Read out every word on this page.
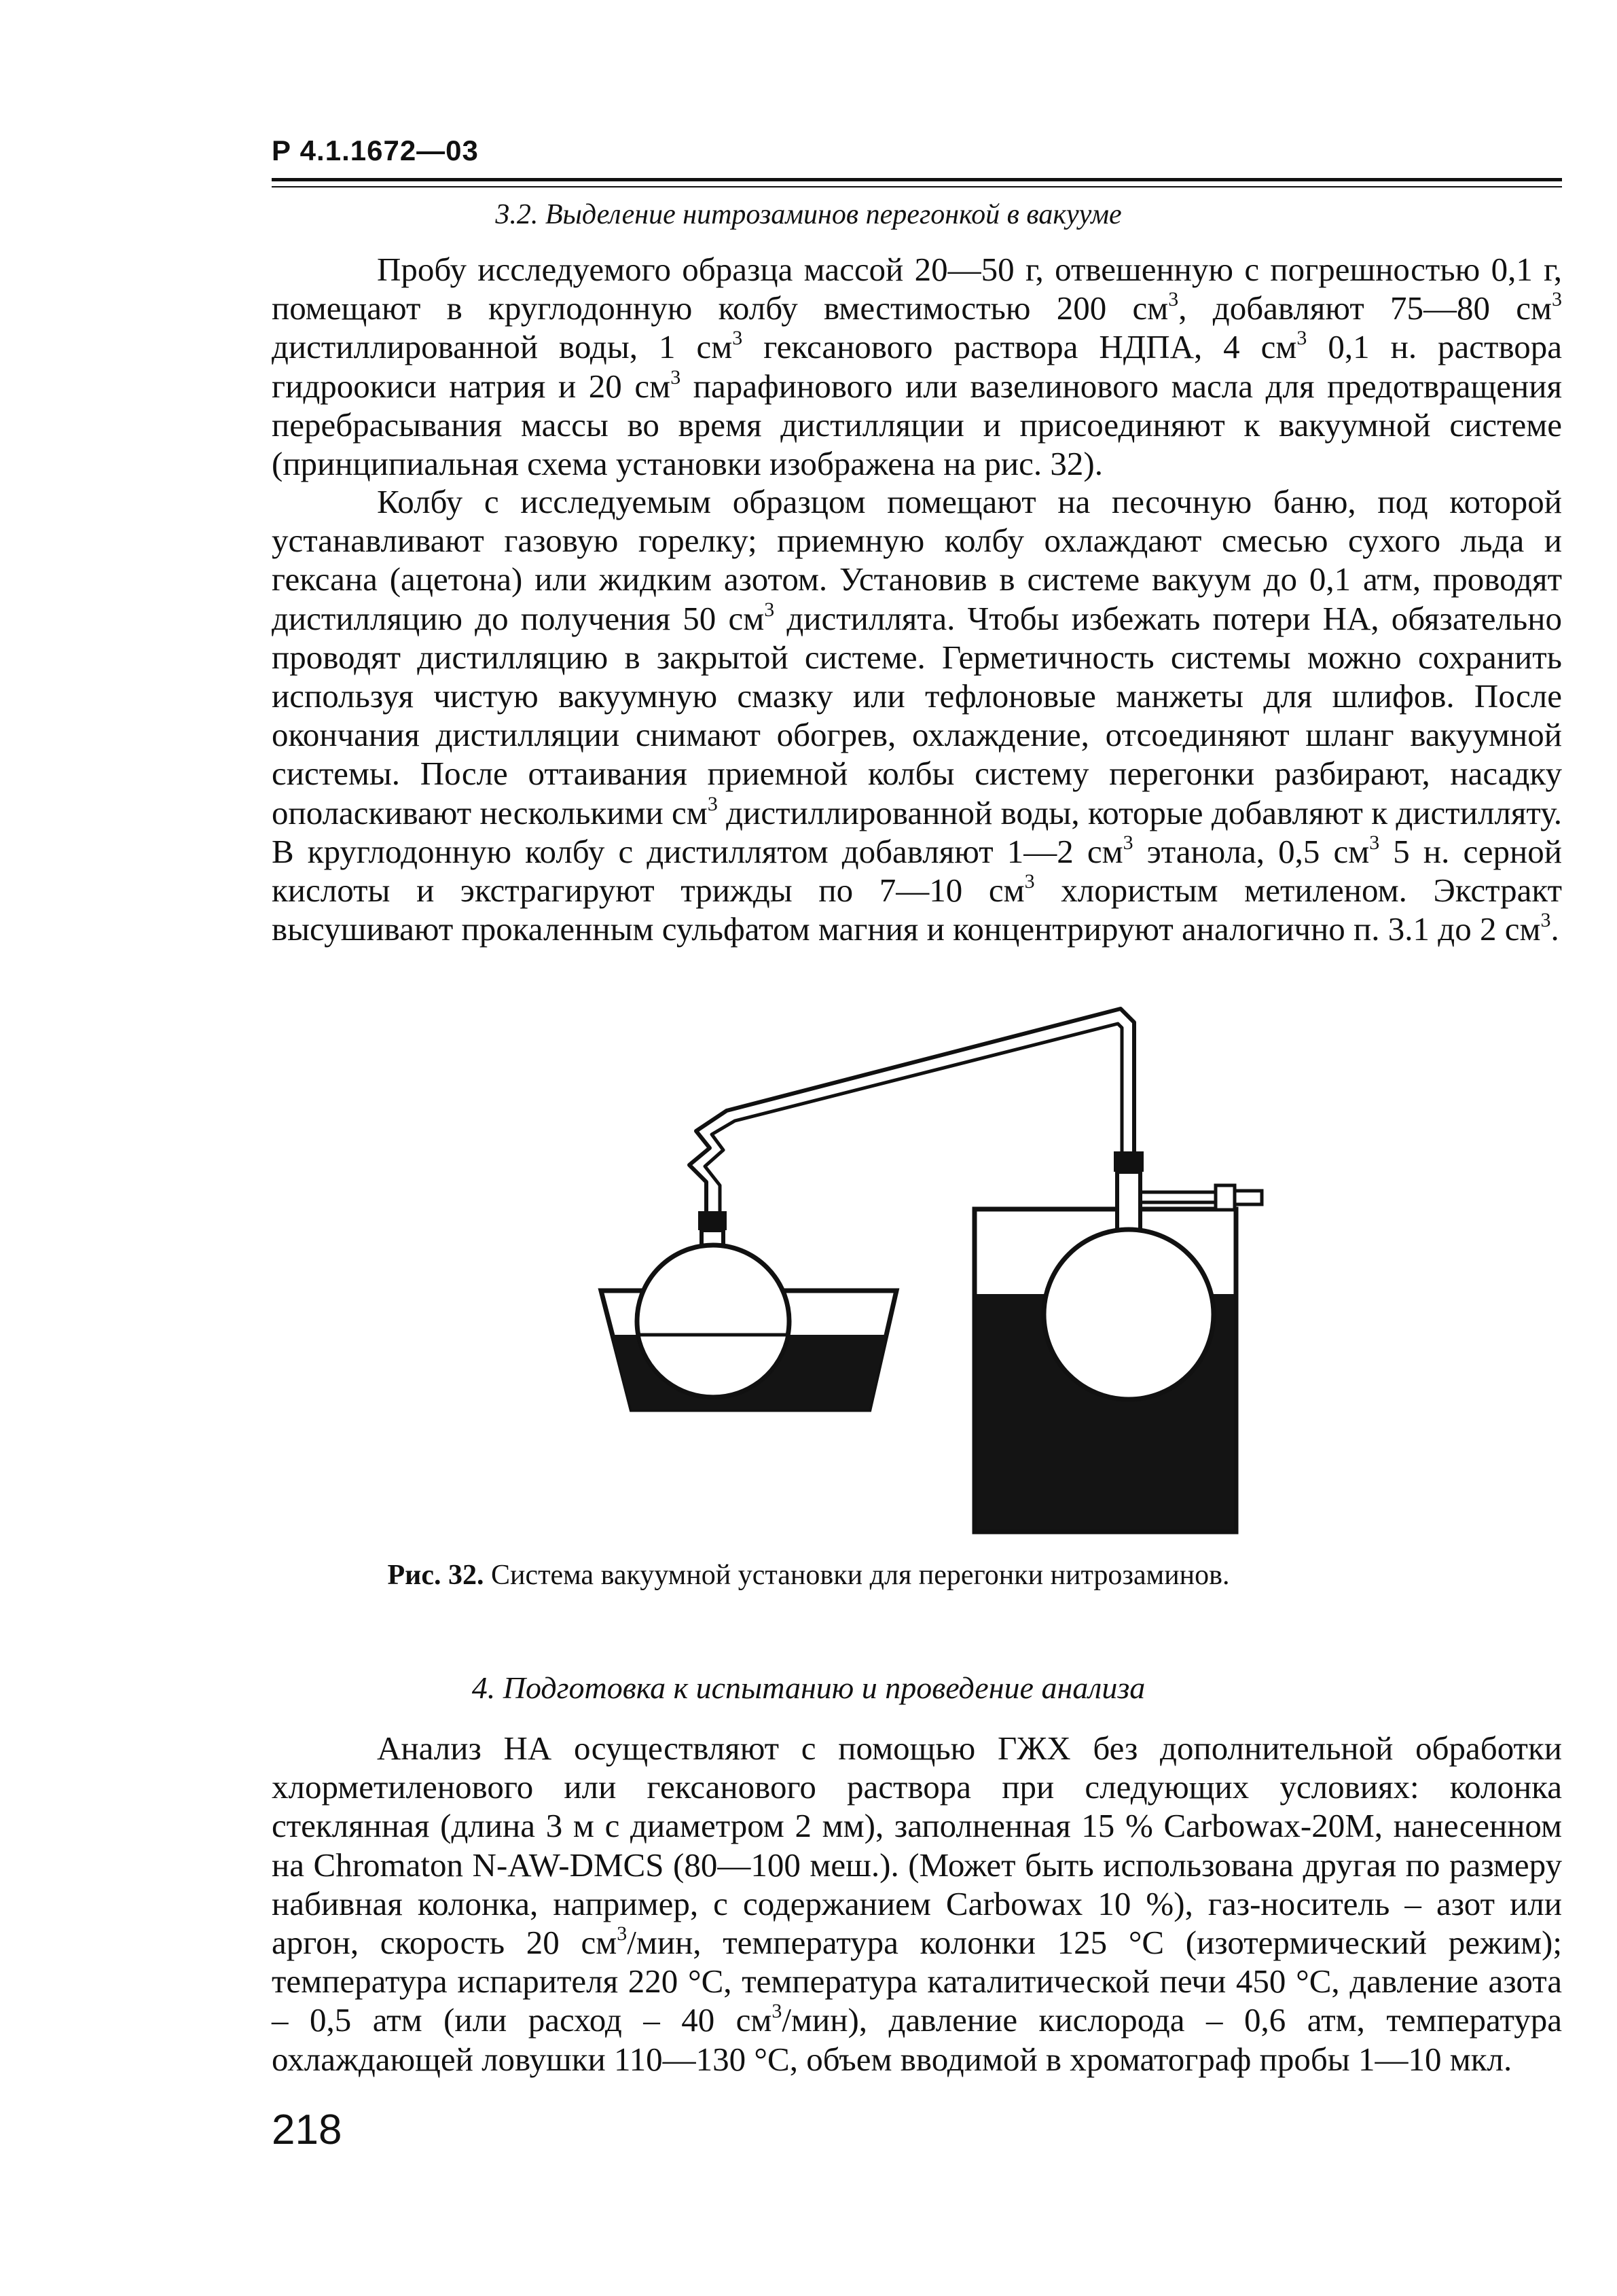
Р 4.1.1672—03
3.2. Выделение нитрозаминов перегонкой в вакууме
Пробу исследуемого образца массой 20—50 г, отвешенную с погрешностью 0,1 г, помещают в круглодонную колбу вместимостью 200 $см^3$, добавляют 75—80 $см^3$ дистиллированной воды, 1 $см^3$ гексанового раствора НДПА, 4 $см^3$ 0,1 н. раствора гидроокиси натрия и 20 $см^3$ парафинового или вазелинового масла для предотвращения перебрасывания массы во время дистилляции и присоединяют к вакуумной системе (принципиальная схема установки изображена на рис. 32).
Колбу с исследуемым образцом помещают на песочную баню, под которой устанавливают газовую горелку; приемную колбу охлаждают смесью сухого льда и гексана (ацетона) или жидким азотом. Установив в системе вакуум до 0,1 атм, проводят дистилляцию до получения 50 $см^3$ дистиллята. Чтобы избежать потери НА, обязательно проводят дистилляцию в закрытой системе. Герметичность системы можно сохранить используя чистую вакуумную смазку или тефлоновые манжеты для шлифов. После окончания дистилляции снимают обогрев, охлаждение, отсоединяют шланг вакуумной системы. После оттаивания приемной колбы систему перегонки разбирают, насадку ополаскивают несколькими $см^3$ дистиллированной воды, которые добавляют к дистилляту. В круглодонную колбу с дистиллятом добавляют 1—2 $см^3$ этанола, 0,5 $см^3$ 5 н. серной кислоты и экстрагируют трижды по 7—10 $см^3$ хлористым метиленом. Экстракт высушивают прокаленным сульфатом магния и концентрируют аналогично п. 3.1 до 2 $см^3$.
Рис. 32. Система вакуумной установки для перегонки нитрозаминов.
4. Подготовка к испытанию и проведение анализа
Анализ НА осуществляют с помощью ГЖХ без дополнительной обработки хлорметиленового или гексанового раствора при следующих условиях: колонка стеклянная (длина 3 м с диаметром 2 мм), заполненная 15 % Carbowax-20M, нанесенном на Chromaton N-AW-DMCS (80—100 меш.). (Может быть использована другая по размеру набивная колонка, например, с содержанием Carbowax 10 %), газ-носитель – азот или аргон, скорость 20 $см^3$/мин, температура колонки 125 °С (изотермический режим); температура испарителя 220 °С, температура каталитической печи 450 °С, давление азота – 0,5 атм (или расход – 40 $см^3/мин$), давление кислорода – 0,6 атм, температура охлаждающей ловушки 110—130 °С, объем вводимой в хроматограф пробы 1—10 мкл.
218
